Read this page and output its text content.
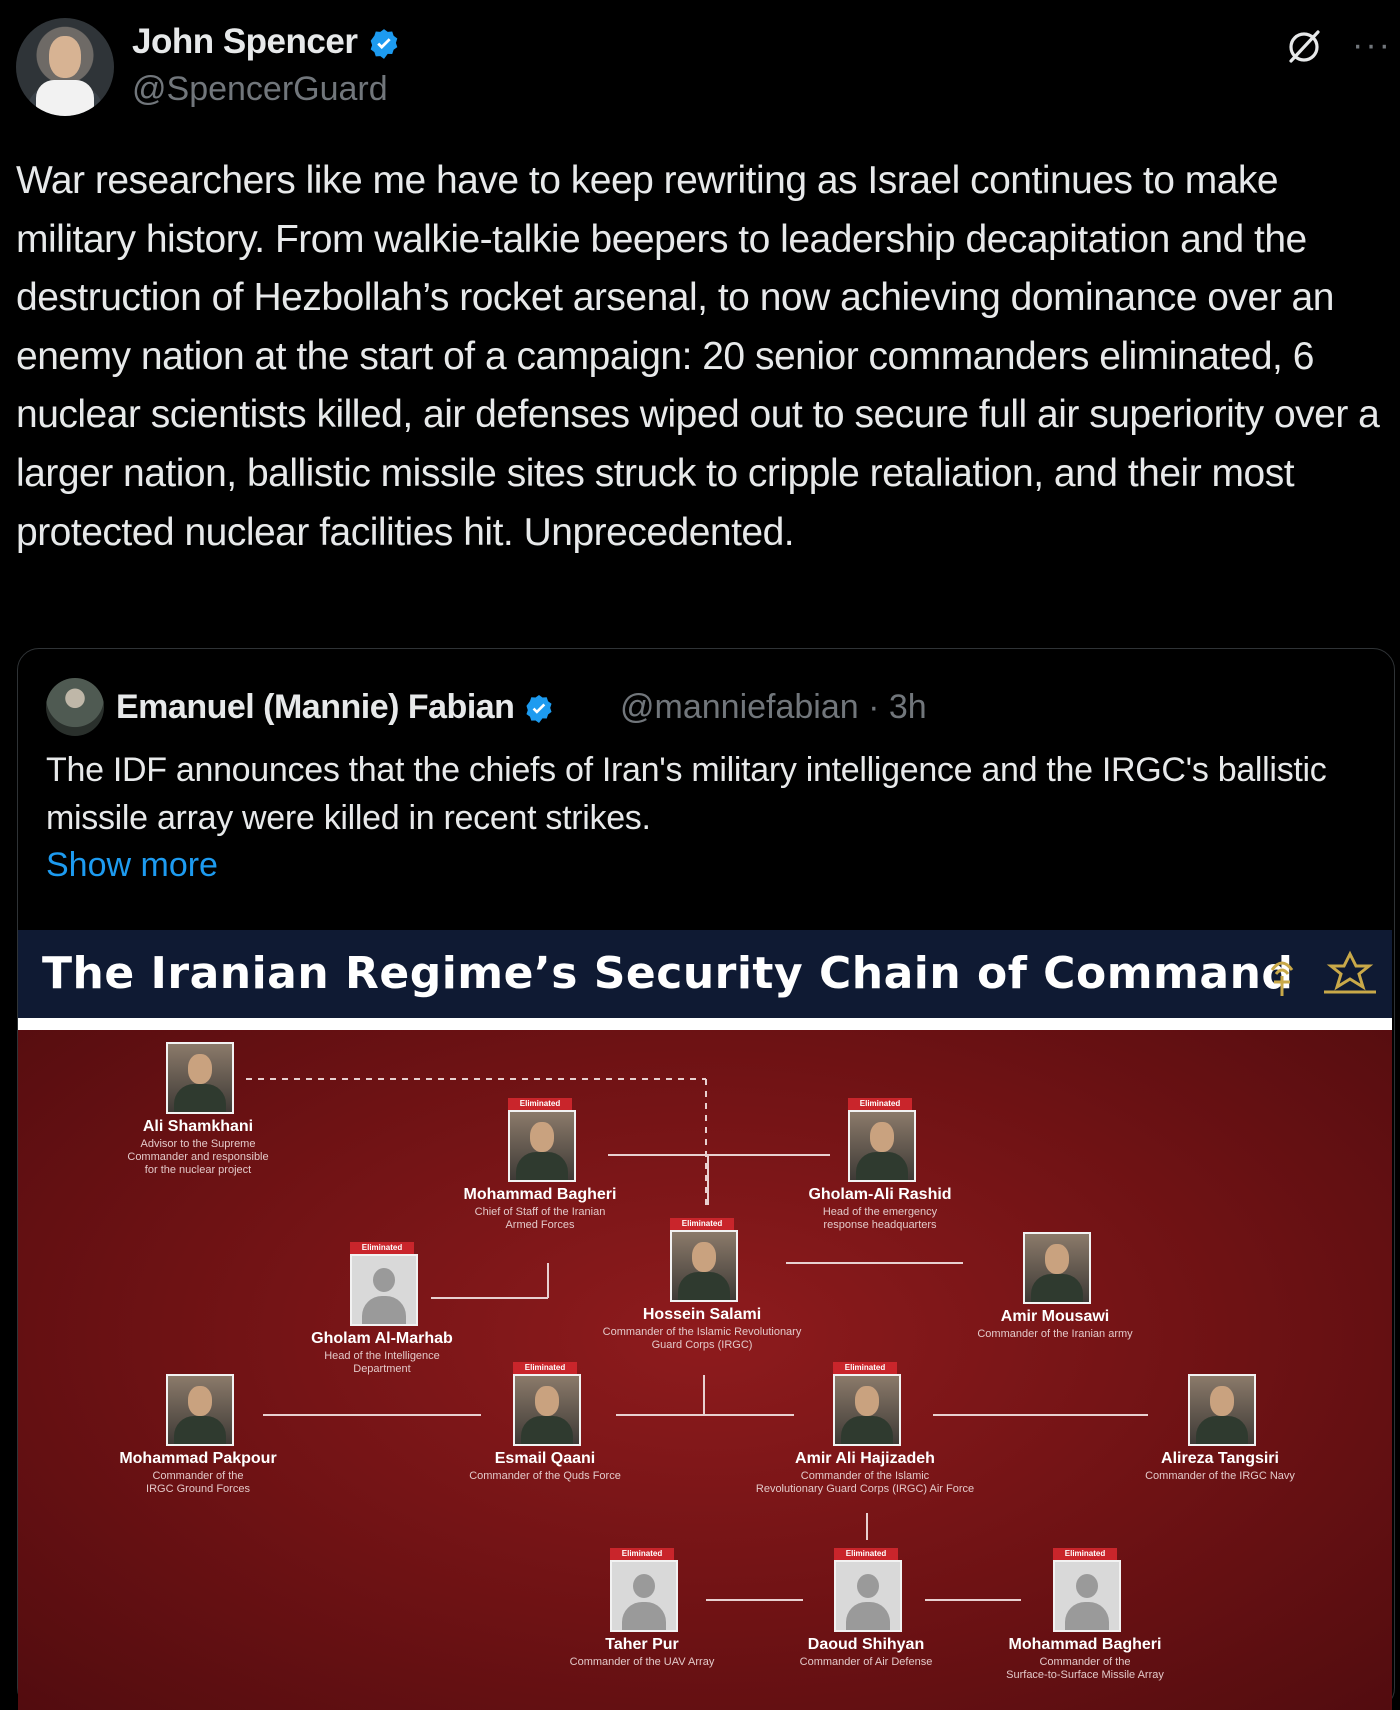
John Spencer
@SpencerGuard
···
War researchers like me have to keep rewriting as Israel continues to make military history. From walkie-talkie beepers to leadership decapitation and the destruction of Hezbollah’s rocket arsenal, to now achieving dominance over an enemy nation at the start of a campaign: 20 senior commanders eliminated, 6 nuclear scientists killed, air defenses wiped out to secure full air superiority over a larger nation, ballistic missile sites struck to cripple retaliation, and their most protected nuclear facilities hit. Unprecedented.
Emanuel (Mannie) Fabian	@manniefabian · 3h
The IDF announces that the chiefs of Iran's military intelligence and the IRGC's ballistic missile array were killed in recent strikes.
Show more
The Iranian Regime’s Security Chain of Command
Ali Shamkhani
Advisor to the Supreme
Commander and responsible
for the nuclear project
Eliminated
Mohammad Bagheri
Chief of Staff of the Iranian
Armed Forces
Eliminated
Gholam-Ali Rashid
Head of the emergency
response headquarters
Eliminated
Hossein Salami
Commander of the Islamic Revolutionary
Guard Corps (IRGC)
Eliminated
Gholam Al-Marhab
Head of the Intelligence
Department
Amir Mousawi
Commander of the Iranian army
Mohammad Pakpour
Commander of the
IRGC Ground Forces
Eliminated
Esmail Qaani
Commander of the Quds Force
Eliminated
Amir Ali Hajizadeh
Commander of the Islamic
Revolutionary Guard Corps (IRGC) Air Force
Alireza Tangsiri
Commander of the IRGC Navy
Eliminated
Taher Pur
Commander of the UAV Array
Eliminated
Daoud Shihyan
Commander of Air Defense
Eliminated
Mohammad Bagheri
Commander of the
Surface-to-Surface Missile Array
